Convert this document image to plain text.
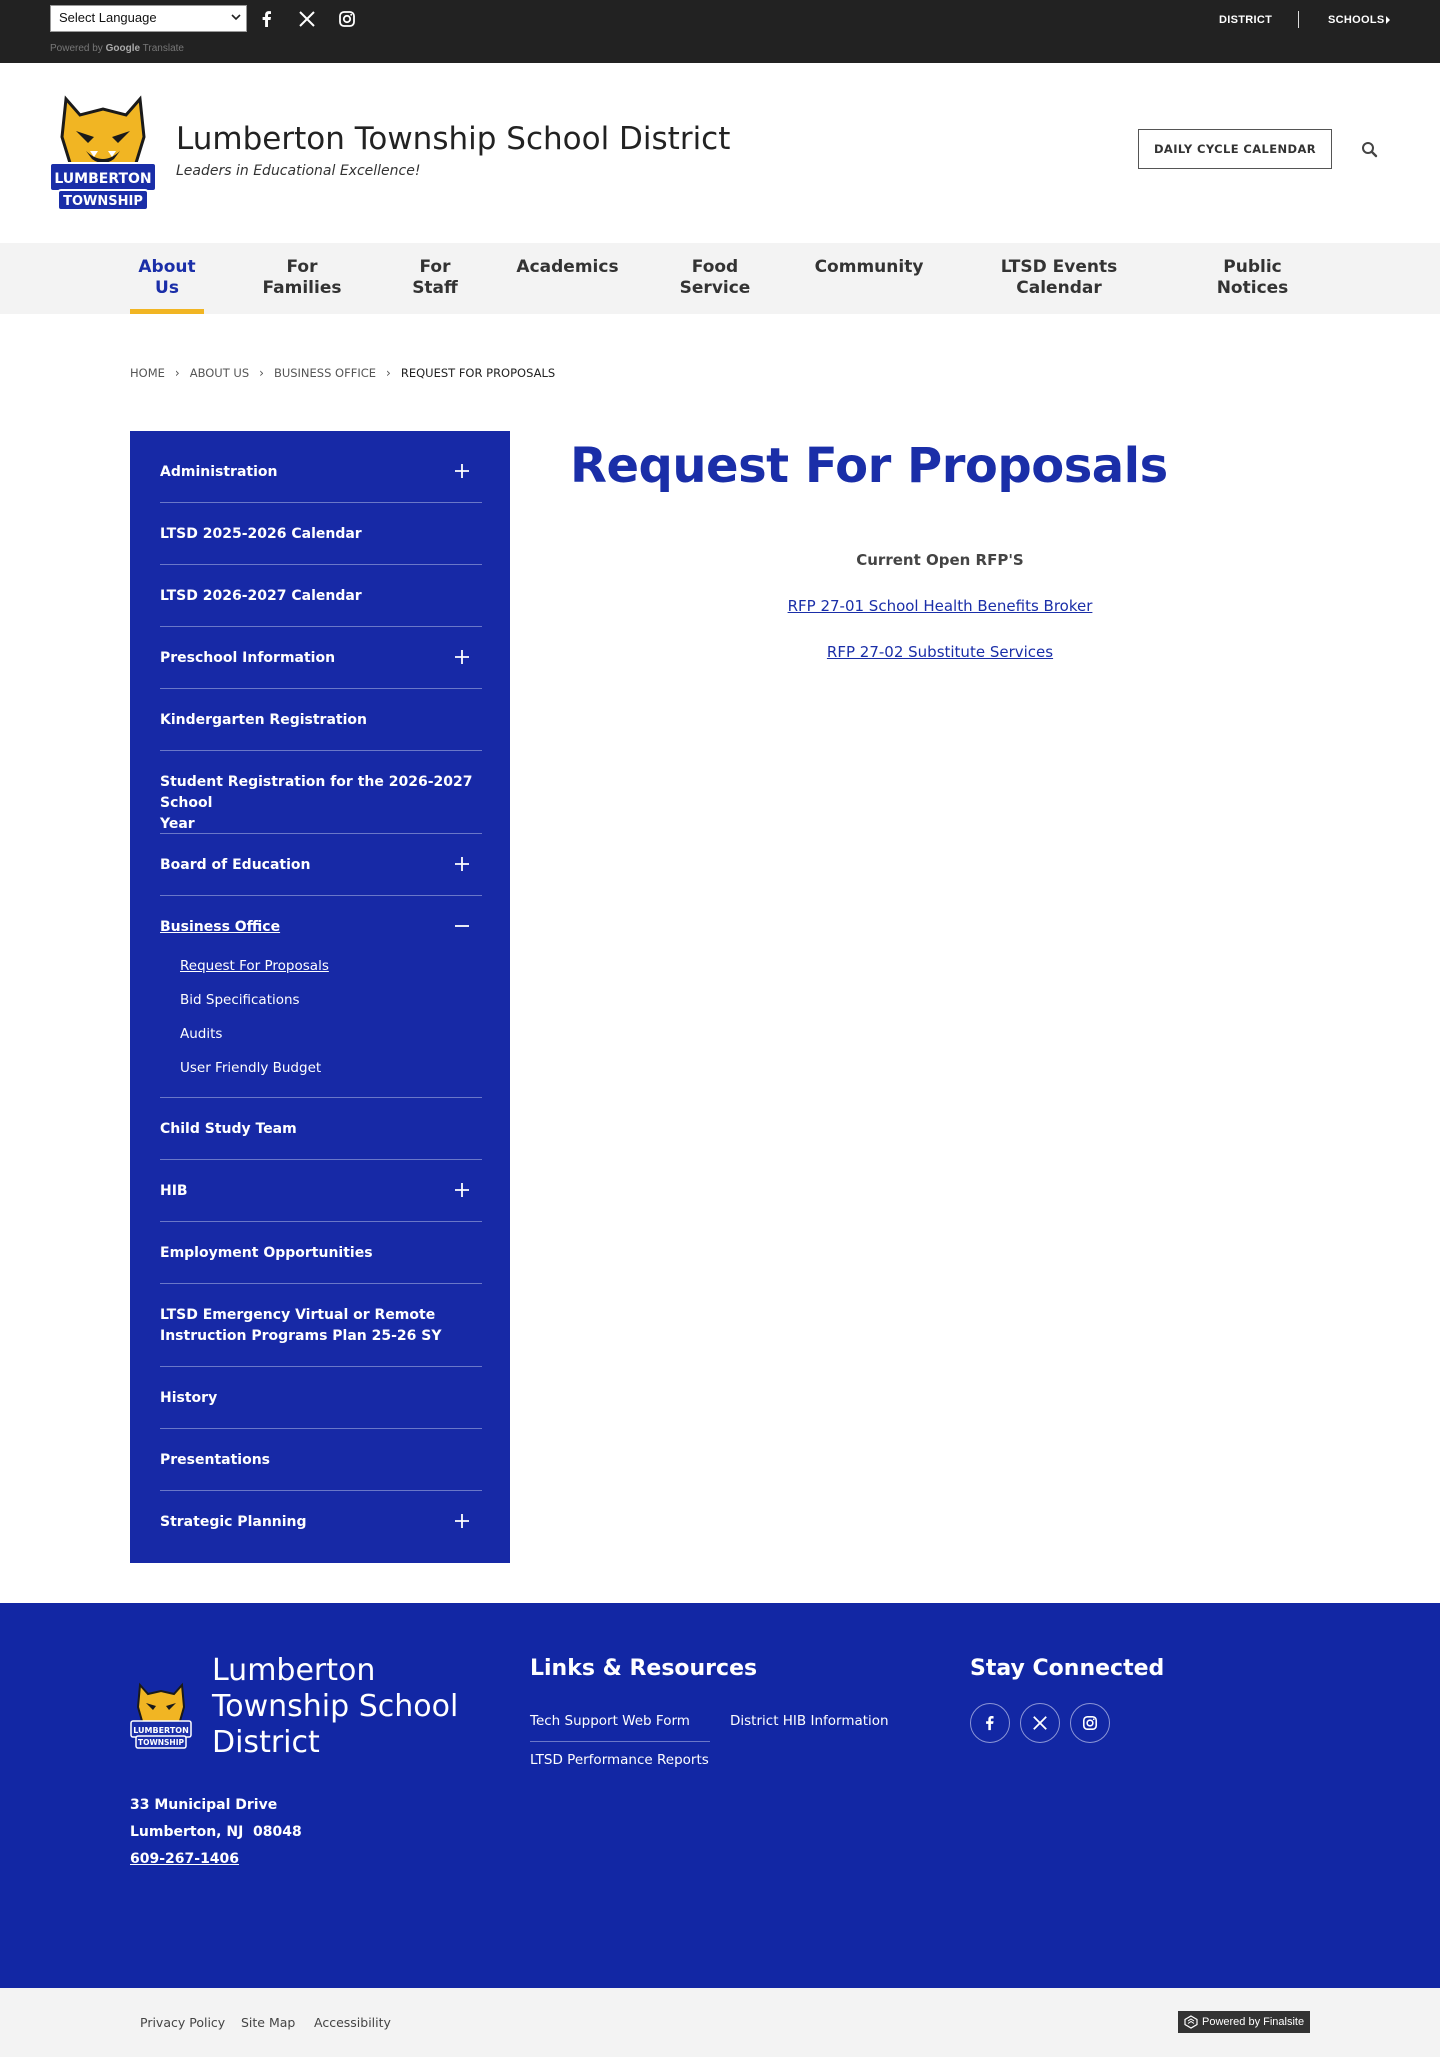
Select Language
Powered by Google Translate
DISTRICT	SCHOOLS
LUMBERTON
TOWNSHIP
Lumberton Township School District
Leaders in Educational Excellence!
DAILY CYCLE CALENDAR
About
Us
For
Families
For
Staff
Academics	Food
Service
Community	LTSD Events
Calendar
Public
Notices
HOME › ABOUT US › BUSINESS OFFICE › REQUEST FOR PROPOSALS
Administration
LTSD 2025-2026 Calendar
LTSD 2026-2027 Calendar
Preschool Information
Kindergarten Registration
Student Registration for the 2026-2027 School
Year
Board of Education
Business Office
Request For Proposals
Bid Specifications
Audits
User Friendly Budget
Child Study Team
HIB
Employment Opportunities
LTSD Emergency Virtual or Remote
Instruction Programs Plan 25-26 SY
History
Presentations
Strategic Planning
Request For Proposals
Current Open RFP'S
RFP 27-01 School Health Benefits Broker
RFP 27-02 Substitute Services
LUMBERTON
TOWNSHIP
Lumberton Township School District
33 Municipal Drive
Lumberton, NJ  08048
609-267-1406
Links & Resources
Tech Support Web Form	District HIB Information
LTSD Performance Reports
Stay Connected
Privacy Policy Site Map Accessibility	Powered by Finalsite
